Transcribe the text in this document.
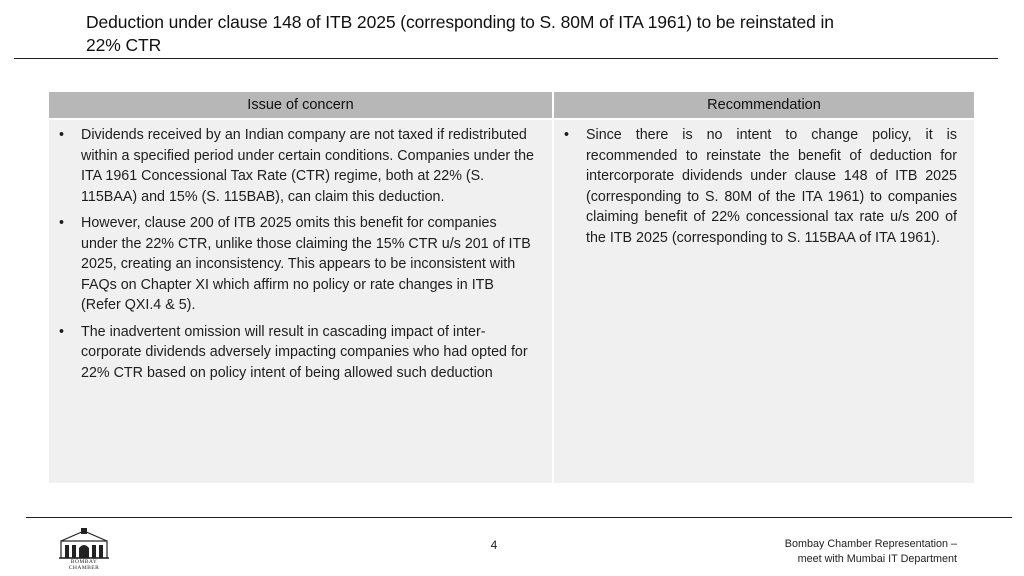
Deduction under clause 148 of ITB 2025 (corresponding to S. 80M of ITA 1961) to be reinstated in
22% CTR
Issue of concern
• Dividends received by an Indian company are not taxed if redistributed within a specified period under certain conditions. Companies under the ITA 1961 Concessional Tax Rate (CTR) regime, both at 22% (S. 115BAA) and 15% (S. 115BAB), can claim this deduction.
• However, clause 200 of ITB 2025 omits this benefit for companies under the 22% CTR, unlike those claiming the 15% CTR u/s 201 of ITB 2025, creating an inconsistency. This appears to be inconsistent with FAQs on Chapter XI which affirm no policy or rate changes in ITB (Refer QXI.4 & 5).
• The inadvertent omission will result in cascading impact of inter-corporate dividends adversely impacting companies who had opted for 22% CTR based on policy intent of being allowed such deduction
Recommendation
• Since there is no intent to change policy, it is recommended to reinstate the benefit of deduction for intercorporate dividends under clause 148 of ITB 2025 (corresponding to S. 80M of the ITA 1961) to companies claiming benefit of 22% concessional tax rate u/s 200 of the ITB 2025 (corresponding to S. 115BAA of ITA 1961).
BOMBAY CHAMBER
4	Bombay Chamber Representation –
meet with Mumbai IT Department
